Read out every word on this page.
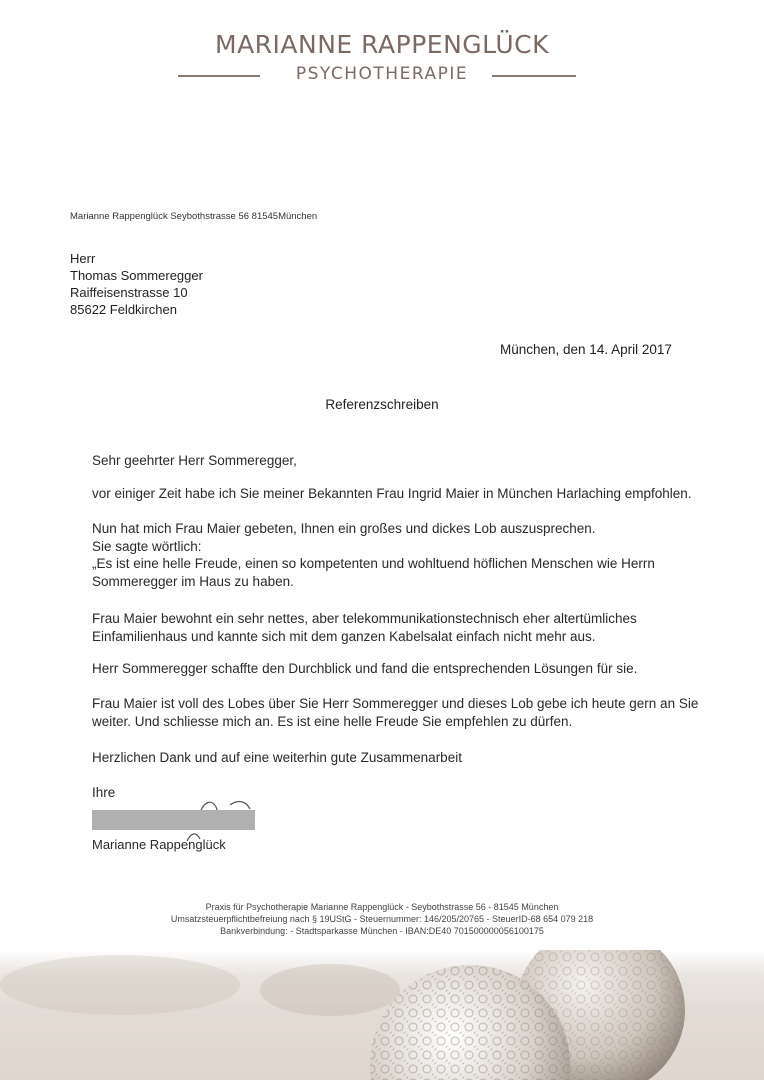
MARIANNE RAPPENGLÜCK
PSYCHOTHERAPIE
Marianne Rappenglück Seybothstrasse 56 81545München
Herr
Thomas Sommeregger
Raiffeisenstrasse 10
85622 Feldkirchen
München, den 14. April 2017
Referenzschreiben
Sehr geehrter Herr Sommeregger,
vor einiger Zeit habe ich Sie meiner Bekannten Frau Ingrid Maier in München Harlaching empfohlen.
Nun hat mich Frau Maier gebeten, Ihnen ein großes und dickes Lob auszusprechen.
Sie sagte wörtlich:
„Es ist eine helle Freude, einen so kompetenten und wohltuend höflichen Menschen wie Herrn
Sommeregger im Haus zu haben.
Frau Maier bewohnt ein sehr nettes, aber telekommunikationstechnisch eher altertümliches
Einfamilienhaus und kannte sich mit dem ganzen Kabelsalat einfach nicht mehr aus.
Herr Sommeregger schaffte den Durchblick und fand die entsprechenden Lösungen für sie.
Frau Maier ist voll des Lobes über Sie Herr Sommeregger und dieses Lob gebe ich heute gern an Sie
weiter. Und schliesse mich an. Es ist eine helle Freude Sie empfehlen zu dürfen.
Herzlichen Dank und auf eine weiterhin gute Zusammenarbeit
Ihre
Marianne Rappenglück
Praxis für Psychotherapie Marianne Rappenglück - Seybothstrasse 56 - 81545 München
Umsatzsteuerpflichtbefreiung nach § 19UStG - Steuernummer: 146/205/20765 - SteuerID-68 654 079 218
Bankverbindung: - Stadtsparkasse München - IBAN:DE40 701500000056100175
